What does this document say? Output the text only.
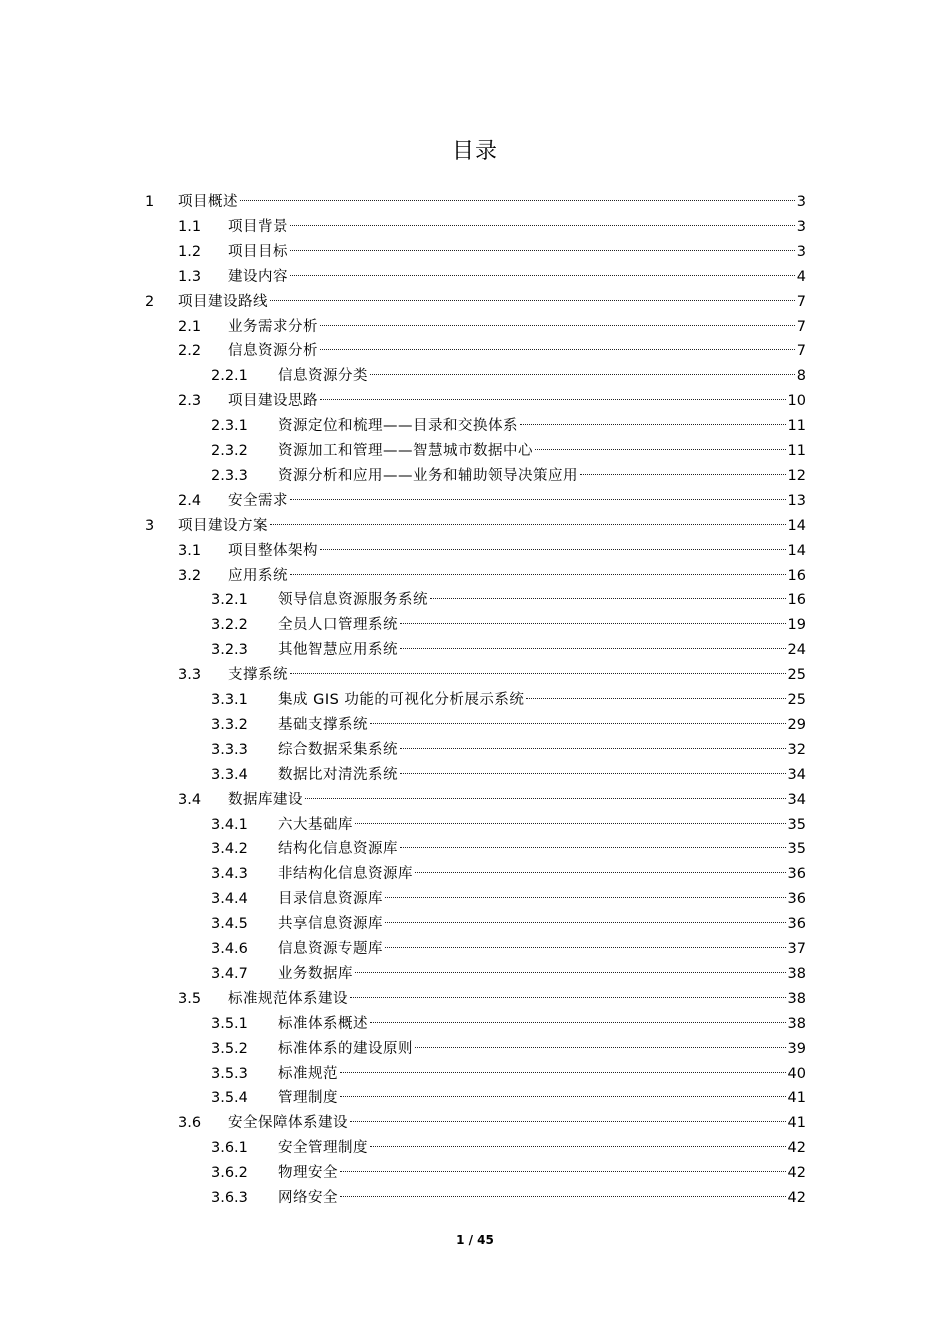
目录
1 项目概述	3
1.1 项目背景	3
1.2 项目目标	3
1.3 建设内容	4
2 项目建设路线	7
2.1 业务需求分析	7
2.2 信息资源分析	7
2.2.1 信息资源分类	8
2.3 项目建设思路	10
2.3.1 资源定位和梳理——目录和交换体系	11
2.3.2 资源加工和管理——智慧城市数据中心	11
2.3.3 资源分析和应用——业务和辅助领导决策应用	12
2.4 安全需求	13
3 项目建设方案	14
3.1 项目整体架构	14
3.2 应用系统	16
3.2.1 领导信息资源服务系统	16
3.2.2 全员人口管理系统	19
3.2.3 其他智慧应用系统	24
3.3 支撑系统	25
3.3.1 集成 GIS 功能的可视化分析展示系统	25
3.3.2 基础支撑系统	29
3.3.3 综合数据采集系统	32
3.3.4 数据比对清洗系统	34
3.4 数据库建设	34
3.4.1 六大基础库	35
3.4.2 结构化信息资源库	35
3.4.3 非结构化信息资源库	36
3.4.4 目录信息资源库	36
3.4.5 共享信息资源库	36
3.4.6 信息资源专题库	37
3.4.7 业务数据库	38
3.5 标准规范体系建设	38
3.5.1 标准体系概述	38
3.5.2 标准体系的建设原则	39
3.5.3 标准规范	40
3.5.4 管理制度	41
3.6 安全保障体系建设	41
3.6.1 安全管理制度	42
3.6.2 物理安全	42
3.6.3 网络安全	42
1 / 45
